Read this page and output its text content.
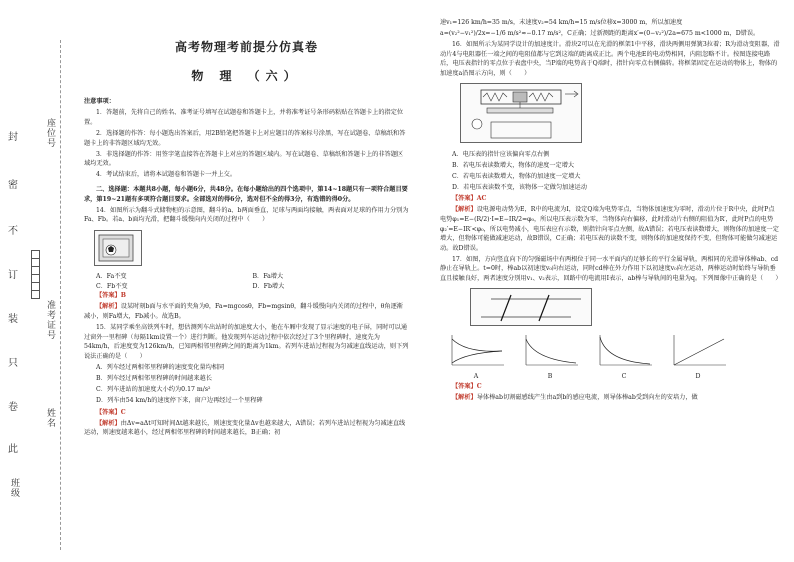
座位号
准考证号
姓名
班级
封
密
不
订
装
只
卷
此
高考物理考前提分仿真卷
物 理 （六）

注意事项：

1．答题前，先将自己的姓名、准考证号填写在试题卷和答题卡上，并将准考证号条形码粘贴在答题卡上的指定位置。

2．选择题的作答：每小题选出答案后，用2B铅笔把答题卡上对应题目的答案标号涂黑，写在试题卷、草稿纸和答题卡上的非答题区域均无效。

3．非选择题的作答：用签字笔直接答在答题卡上对应的答题区域内。写在试题卷、草稿纸和答题卡上的非答题区域均无效。

4．考试结束后，请将本试题卷和答题卡一并上交。

二、选择题：本题共8小题，每小题6分，共48分。在每小题给出的四个选项中，第14~18题只有一项符合题目要求，第19~21题有多项符合题目要求。全部选对的得6分，选对但不全的得3分，有选错的得0分。

14．如图所示为翻斗式储物柜的示意图，翻斗的a、b两面垂直，足球与两面均接触，两表面对足球的作用力分别为Fa、Fb。若a、b面均光滑，把翻斗缓慢向内关闭的过程中（　　）

A．Fa不变	B．Fa增大
C．Fb不变	D．Fb增大

【答案】B

【解析】设某时刻b面与水平面的夹角为θ，Fa=mgcosθ，Fb=mgsinθ，翻斗缓慢向内关闭的过程中，θ角逐渐减小，则Fa增大，Fb减小。故选B。

15．某同学乘坐高铁列车时，想估测列车出站时的加速度大小，他在车厢中发现了显示速度的电子屏，同时可以通过窗外一里程碑（每隔1km设置一个）进行判断。他发现列车运动过程中依次经过了3个里程碑时，速度先为54km/h，后速度变为126km/h，已知两相邻里程碑之间的距离为1km。若列车进站过程视为匀减速直线运动，则下列说法正确的是（　　）

A．列车经过两相邻里程碑的速度变化量均相同

B．列车经过两相邻里程碑的时间越来越长

C．列车进站的加速度大小约为0.17 m/s²

D．列车由54 km/h的速度停下来，窗户边再经过一个里程碑

【答案】C

【解析】由Δv=aΔt可知时间Δt越来越长，则速度变化量Δv也越来越大，A错误；若列车进站过程视为匀减速直线运动，则速度越来越小，经过两相邻里程碑的时间越来越长，B正确；初

速v₁=126 km/h=35 m/s，末速度v₂=54 km/h=15 m/s位移x=3000 m，所以加速度

a=(v₂²−v₁²)/2x=−1/6 m/s²≈−0.17 m/s²，C正确；过新测距的距离x′=(0−v₂²)/2a=675 m<1000 m，D错误。

16．如图所示为某同学设计的加速度计。滑块2可以在光滑的框架1中平移，滑块两侧用弹簧3拉着；R为滑动变阻器，滑动片4与电阻器任一端之间的电阻值都与它到这端的距离成正比。两个电池E的电动势相同，内阻忽略不计。按图连接电路后，电压表指针的零点位于表盘中央，当P端的电势高于Q端时，指针向零点右侧偏转。将框架固定在运动的物体上，物体的加速度a沿图示方向，则（　　）

A．电压表的指针应该偏向零点右侧

B．若电压表读数增大，物体的速度一定增大

C．若电压表读数增大，物体的加速度一定增大

D．若电压表读数不变，该物体一定做匀加速运动

【答案】AC

【解析】设电源电动势为E，R中的电流为I，设定Q端为电势零点，当物体加速度为零时，滑动片位于R中央，此时P点电势φ₁=E−(R/2)·I=E−IR/2=φ₀，所以电压表示数为零，当物体向右偏移，此时滑动片右侧的阻值为R′，此时P点的电势φ₂′=E−IR′<φ₀，所以电势减小，电压表应有示数，则指针向零点左侧，故A错误；若电压表读数增大，则物体的加速度一定增大，但物体可能做减速运动，故B错误，C正确；若电压表的读数不变，则物体的加速度保持不变，但物体可能做匀减速运动。故D错误。

17．如图，方向竖直向下的匀强磁场中有两根位于同一水平面内的足够长的平行金属导轨，两相同的光滑导体棒ab、cd静止在导轨上。t=0时，棒ab以初速度v₀向右运动，同时cd棒在外力作用下以初速度v₀向左运动，两棒运动时始终与导轨垂直且接触良好，两者速度分别用v₁、v₂表示，回路中的电流用I表示，ab棒与导轨间的电量为q。下列图像中正确的是（　　）

A	B	C	D

【答案】C

【解析】导体棒ab切割磁感线产生由a到b的感应电流，则导体棒ab受到向左的安培力，做
